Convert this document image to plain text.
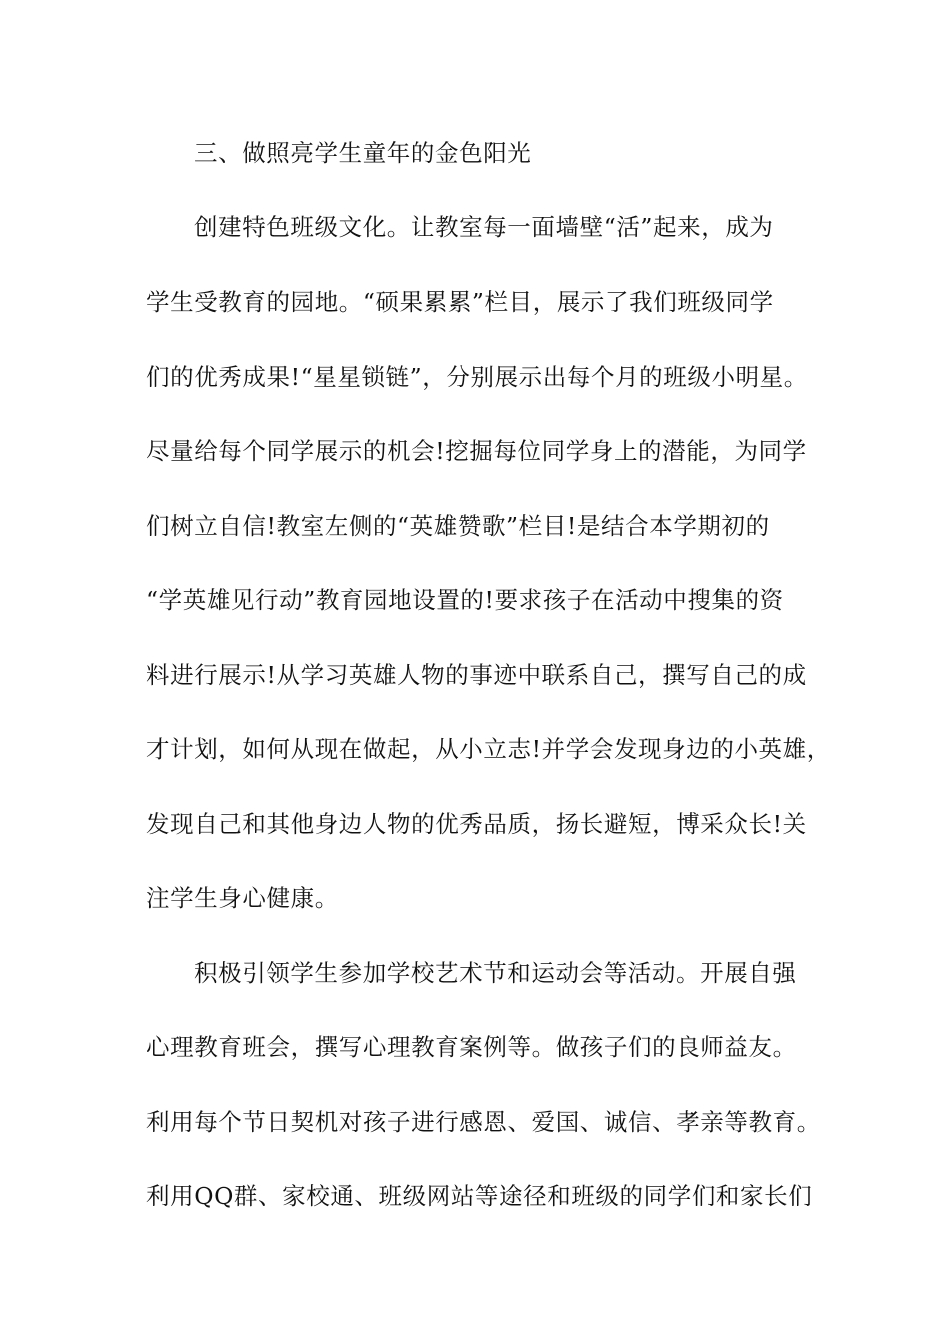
三、做照亮学生童年的金色阳光
创建特色班级文化。让教室每一面墙壁“活”起来，成为
学生受教育的园地。“硕果累累”栏目，展示了我们班级同学
们的优秀成果!“星星锁链”，分别展示出每个月的班级小明星。
尽量给每个同学展示的机会!挖掘每位同学身上的潜能，为同学
们树立自信!教室左侧的“英雄赞歌”栏目!是结合本学期初的
“学英雄见行动”教育园地设置的!要求孩子在活动中搜集的资
料进行展示!从学习英雄人物的事迹中联系自己，撰写自己的成
才计划，如何从现在做起，从小立志!并学会发现身边的小英雄，
发现自己和其他身边人物的优秀品质，扬长避短，博采众长!关
注学生身心健康。
积极引领学生参加学校艺术节和运动会等活动。开展自强
心理教育班会，撰写心理教育案例等。做孩子们的良师益友。
利用每个节日契机对孩子进行感恩、爱国、诚信、孝亲等教育。
利用QQ群、家校通、班级网站等途径和班级的同学们和家长们
